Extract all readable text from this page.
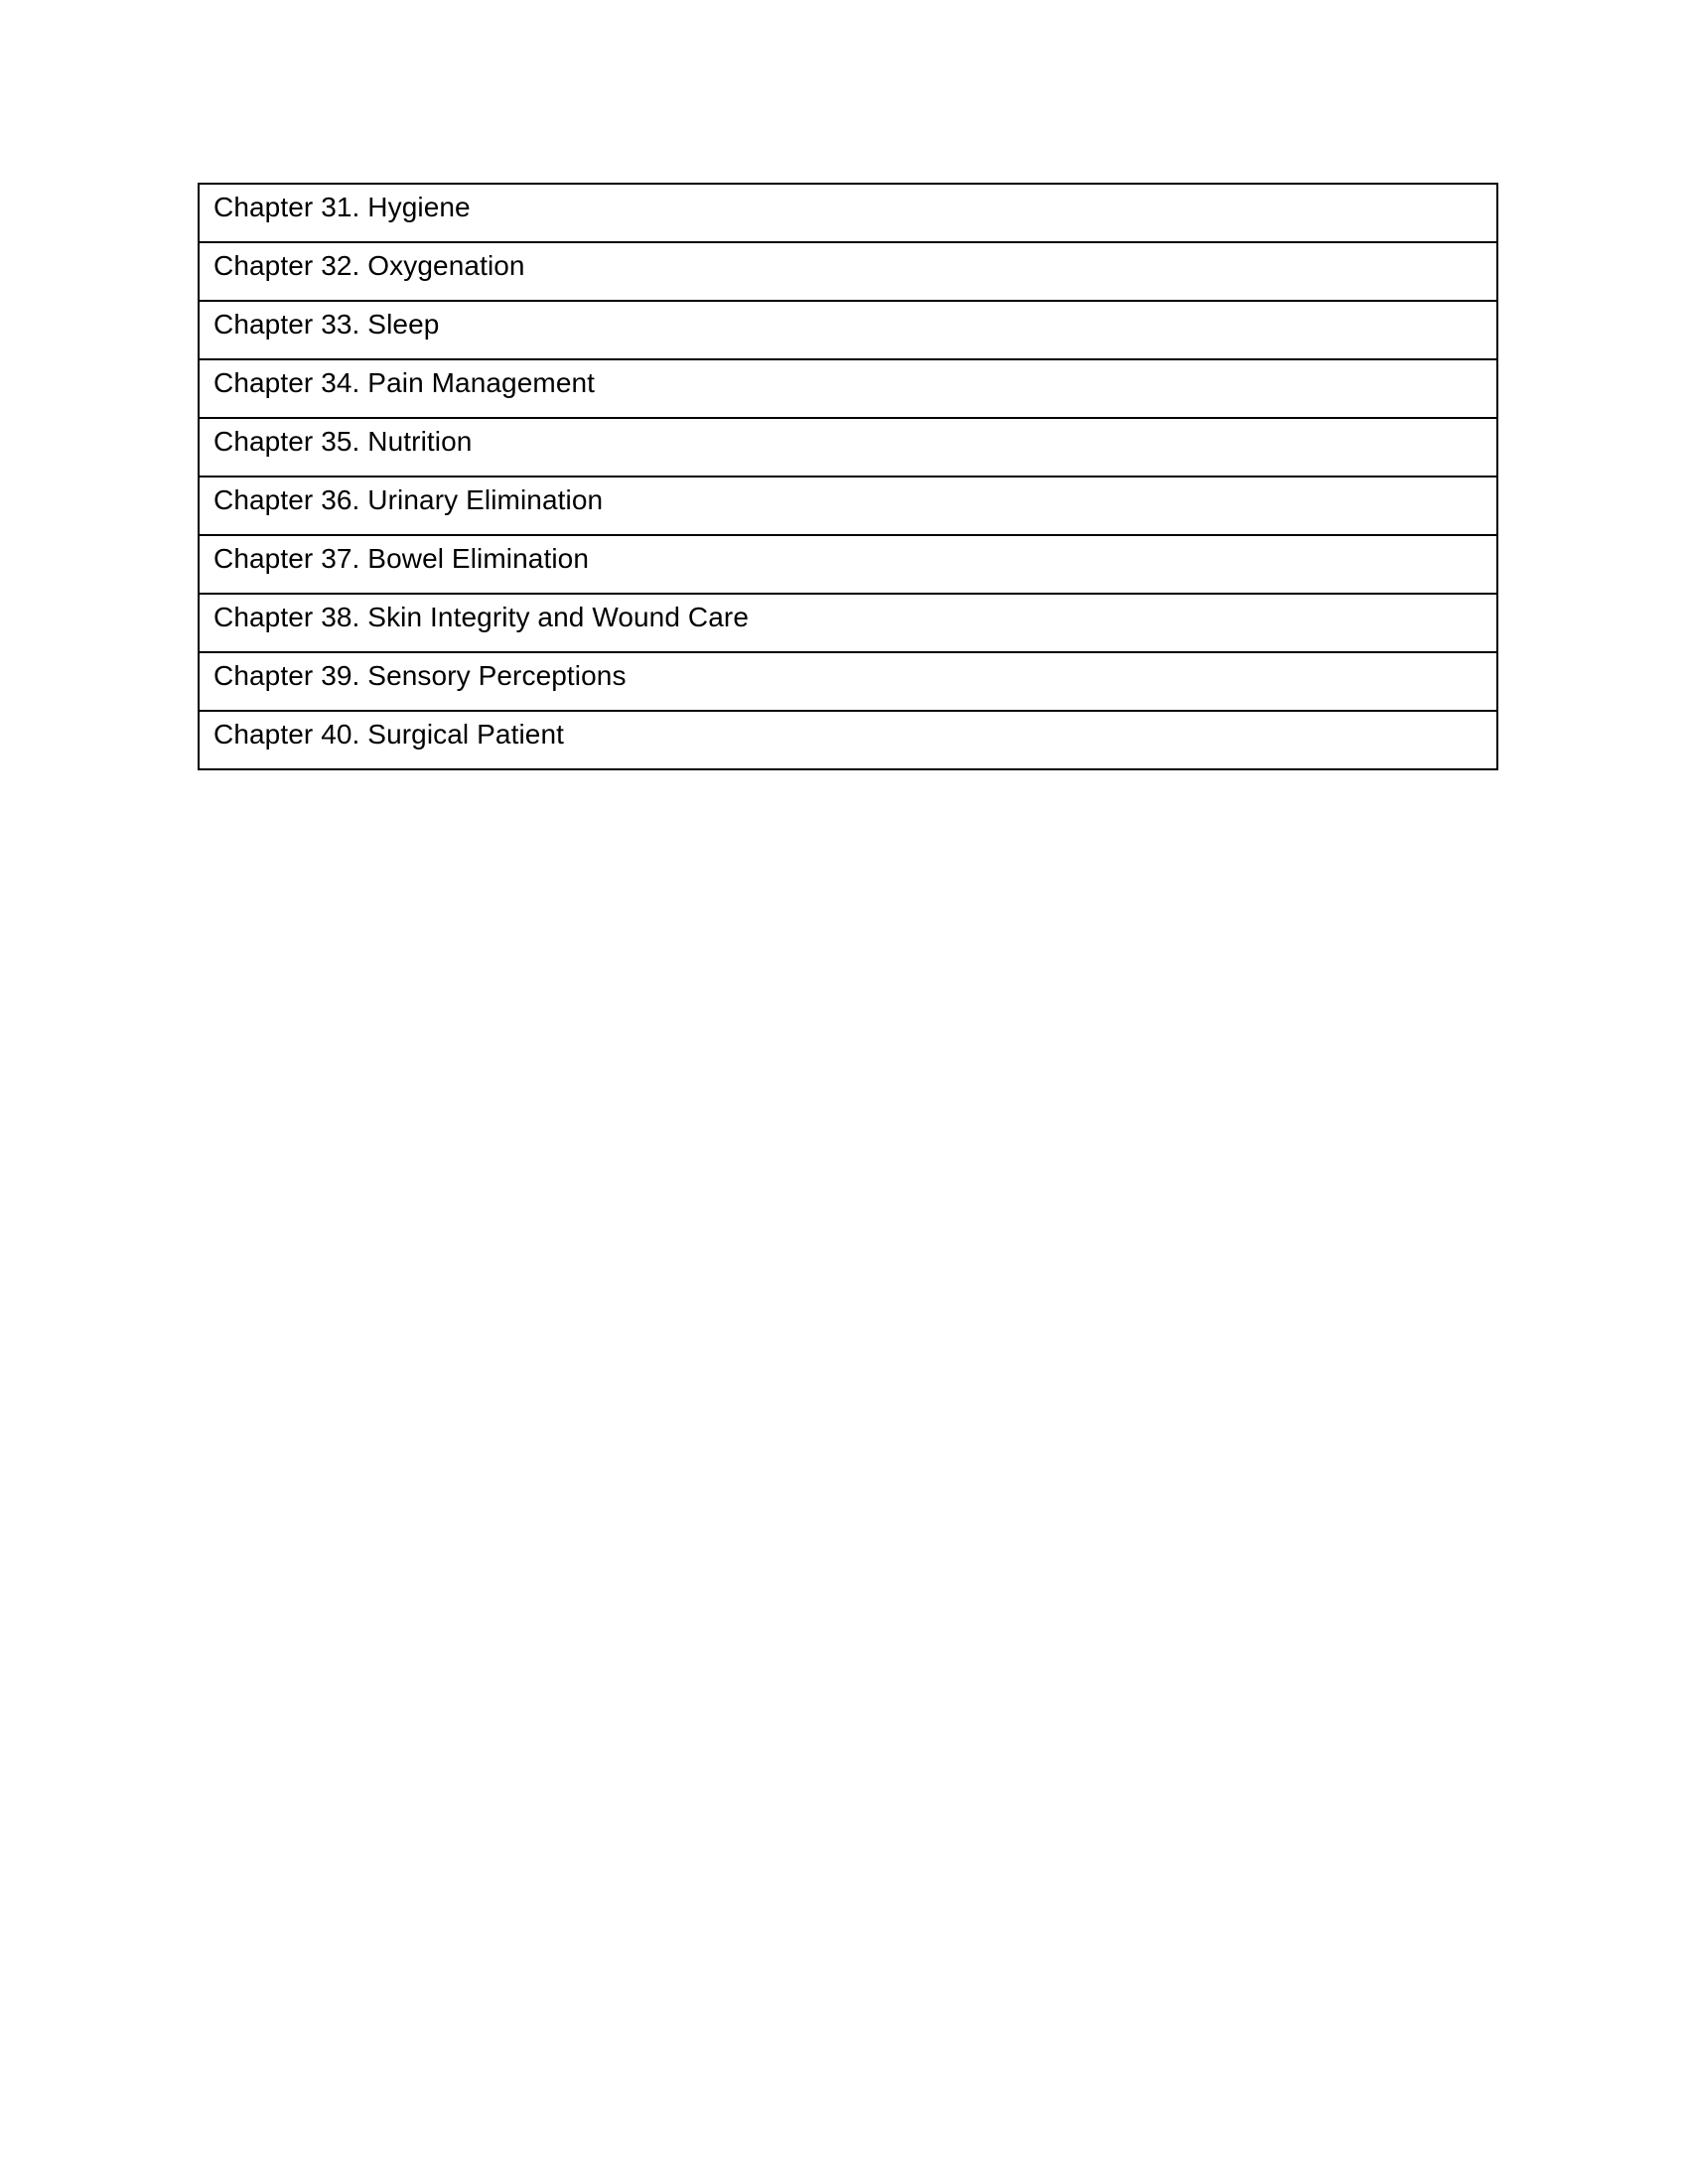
Chapter 31. Hygiene

Chapter 32. Oxygenation

Chapter 33. Sleep

Chapter 34. Pain Management

Chapter 35. Nutrition

Chapter 36. Urinary Elimination

Chapter 37. Bowel Elimination

Chapter 38. Skin Integrity and Wound Care

Chapter 39. Sensory Perceptions

Chapter 40. Surgical Patient
